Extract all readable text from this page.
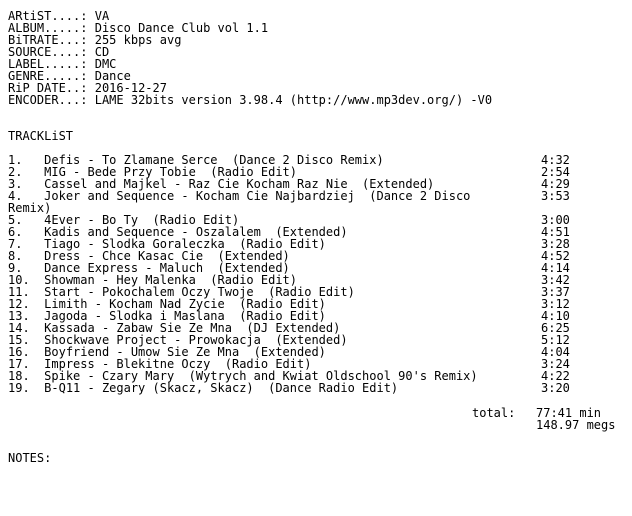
ARtiST....: VA
ALBUM.....: Disco Dance Club vol 1.1
BiTRATE...: 255 kbps avg
SOURCE....: CD
LABEL.....: DMC
GENRE.....: Dance
RiP DATE..: 2016-12-27
ENCODER...: LAME 32bits version 3.98.4 (http://www.mp3dev.org/) -V0
TRACKLiST
1. Defis - To Zlamane Serce  (Dance 2 Disco Remix)	4:32
2. MIG - Bede Przy Tobie  (Radio Edit)	2:54
3. Cassel and Majkel - Raz Cie Kocham Raz Nie  (Extended)	4:29
4. Joker and Sequence - Kocham Cie Najbardziej  (Dance 2 Disco	3:53
Remix)
5. 4Ever - Bo Ty  (Radio Edit)	3:00
6. Kadis and Sequence - Oszalalem  (Extended)	4:51
7. Tiago - Slodka Goraleczka  (Radio Edit)	3:28
8. Dress - Chce Kasac Cie  (Extended)	4:52
9. Dance Express - Maluch  (Extended)	4:14
10. Showman - Hey Malenka  (Radio Edit)	3:42
11. Start - Pokochalem Oczy Twoje  (Radio Edit)	3:37
12. Limith - Kocham Nad Zycie  (Radio Edit)	3:12
13. Jagoda - Slodka i Maslana  (Radio Edit)	4:10
14. Kassada - Zabaw Sie Ze Mna  (DJ Extended)	6:25
15. Shockwave Project - Prowokacja  (Extended)	5:12
16. Boyfriend - Umow Sie Ze Mna  (Extended)	4:04
17. Impress - Blekitne Oczy  (Radio Edit)	3:24
18. Spike - Czary Mary  (Wytrych and Kwiat Oldschool 90's Remix)	4:22
19. B-Q11 - Zegary (Skacz, Skacz)  (Dance Radio Edit)	3:20
total: 77:41 min
148.97 megs
NOTES:
